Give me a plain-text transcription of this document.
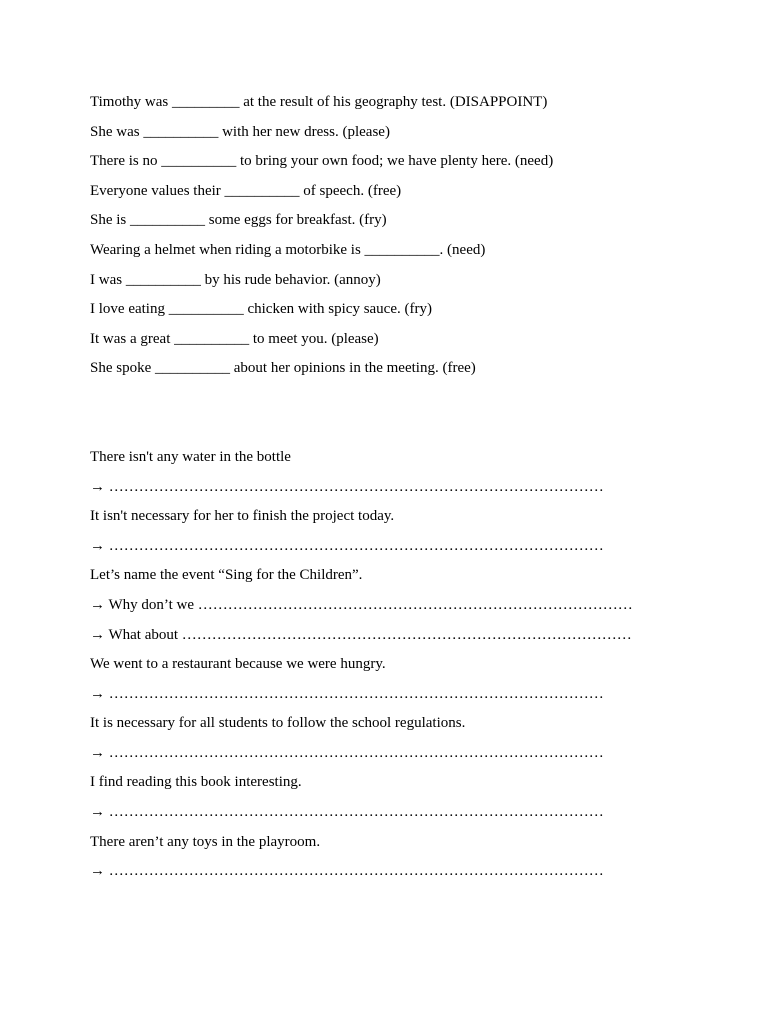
Timothy was _________ at the result of his geography test. (DISAPPOINT)
She was __________ with her new dress. (please)
There is no __________ to bring your own food; we have plenty here. (need)
Everyone values their __________ of speech. (free)
She is __________ some eggs for breakfast. (fry)
Wearing a helmet when riding a motorbike is __________. (need)
I was __________ by his rude behavior. (annoy)
I love eating __________ chicken with spicy sauce. (fry)
It was a great __________ to meet you. (please)
She spoke __________ about her opinions in the meeting. (free)
There isn't any water in the bottle
→ ………………………………………………………………………………………
It isn't necessary for her to finish the project today.
→ ………………………………………………………………………………………
Let’s name the event “Sing for the Children”.
→ Why don’t we ……………………………………………………………………………
→ What about ………………………………………………………………………………
We went to a restaurant because we were hungry.
→ ………………………………………………………………………………………
It is necessary for all students to follow the school regulations.
→ ………………………………………………………………………………………
I find reading this book interesting.
→ ………………………………………………………………………………………
There aren’t any toys in the playroom.
→ ………………………………………………………………………………………
